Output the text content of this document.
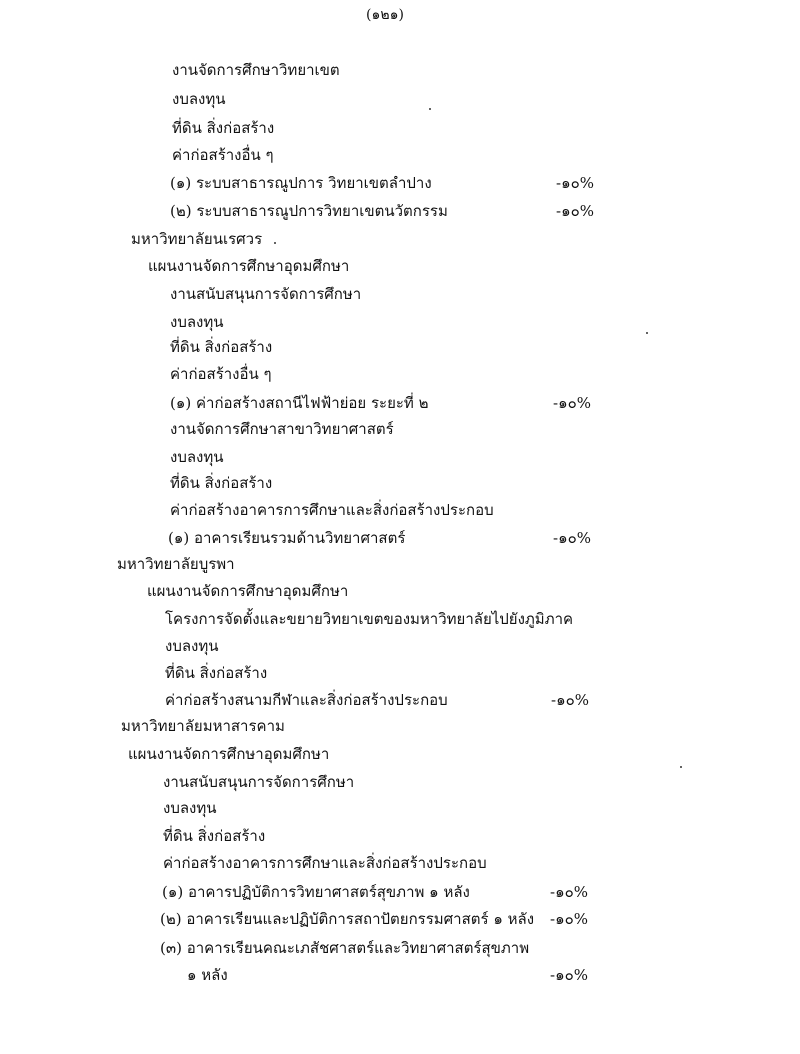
(๑๒๑)
งานจัดการศึกษาวิทยาเขต
งบลงทุน
ที่ดิน สิ่งก่อสร้าง
ค่าก่อสร้างอื่น ๆ
(๑) ระบบสาธารณูปการ วิทยาเขตลำปาง	-๑๐%
(๒) ระบบสาธารณูปการวิทยาเขตนวัตกรรม	-๑๐%
มหาวิทยาลัยนเรศวร
แผนงานจัดการศึกษาอุดมศึกษา
งานสนับสนุนการจัดการศึกษา
งบลงทุน
ที่ดิน สิ่งก่อสร้าง
ค่าก่อสร้างอื่น ๆ
(๑) ค่าก่อสร้างสถานีไฟฟ้าย่อย ระยะที่ ๒	-๑๐%
งานจัดการศึกษาสาขาวิทยาศาสตร์
งบลงทุน
ที่ดิน สิ่งก่อสร้าง
ค่าก่อสร้างอาคารการศึกษาและสิ่งก่อสร้างประกอบ
(๑) อาคารเรียนรวมด้านวิทยาศาสตร์	-๑๐%
มหาวิทยาลัยบูรพา
แผนงานจัดการศึกษาอุดมศึกษา
โครงการจัดตั้งและขยายวิทยาเขตของมหาวิทยาลัยไปยังภูมิภาค
งบลงทุน
ที่ดิน สิ่งก่อสร้าง
ค่าก่อสร้างสนามกีฬาและสิ่งก่อสร้างประกอบ	-๑๐%
มหาวิทยาลัยมหาสารคาม
แผนงานจัดการศึกษาอุดมศึกษา
งานสนับสนุนการจัดการศึกษา
งบลงทุน
ที่ดิน สิ่งก่อสร้าง
ค่าก่อสร้างอาคารการศึกษาและสิ่งก่อสร้างประกอบ
(๑) อาคารปฏิบัติการวิทยาศาสตร์สุขภาพ ๑ หลัง	-๑๐%
(๒) อาคารเรียนและปฏิบัติการสถาปัตยกรรมศาสตร์ ๑ หลัง -๑๐%
(๓) อาคารเรียนคณะเภสัชศาสตร์และวิทยาศาสตร์สุขภาพ
๑ หลัง	-๑๐%
